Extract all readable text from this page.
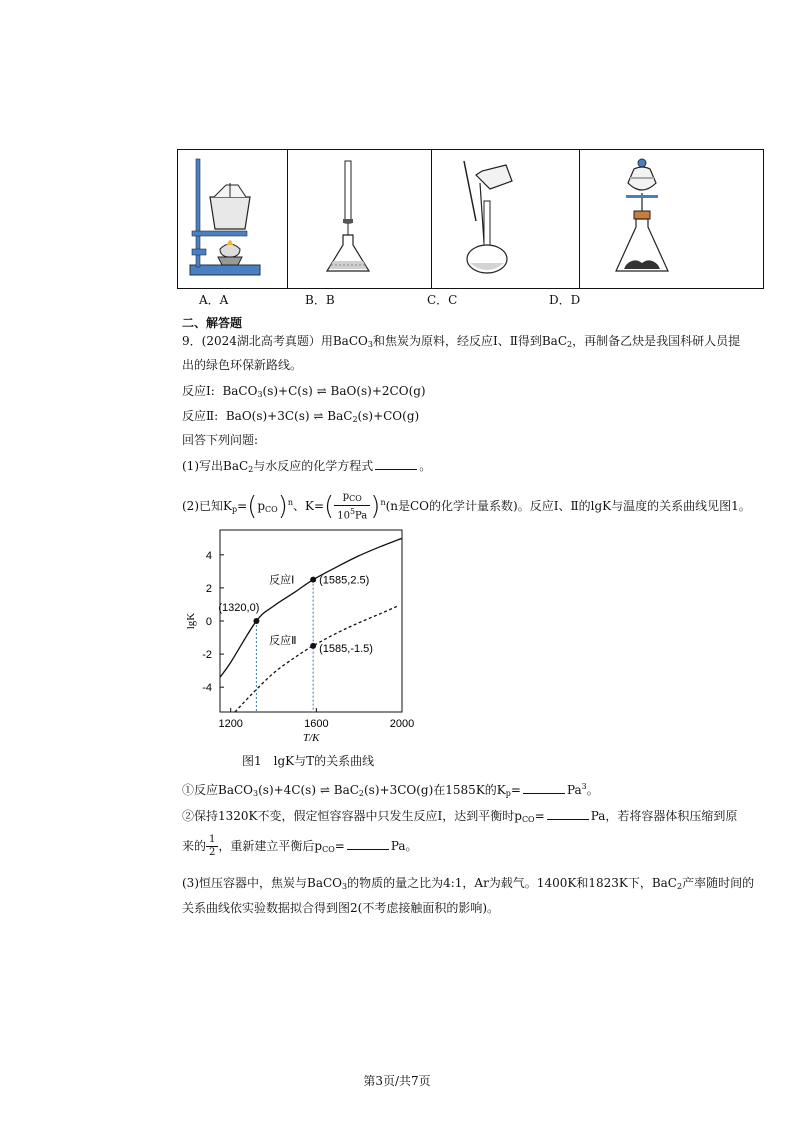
A．A	B．B	C．C	D．D
二、解答题
9．(2024湖北高考真题）用BaCO$_3$和焦炭为原料，经反应Ⅰ、Ⅱ得到BaC$_2$，再制备乙炔是我国科研人员提
出的绿色环保新路线。
反应Ⅰ: BaCO$_3$(s)+C(s) ⇌ BaO(s)+2CO(g)
反应Ⅱ: BaO(s)+3C(s) ⇌ BaC$_2$(s)+CO(g)
回答下列问题:
(1)写出BaC$_2$与水反应的化学方程式	。
(2)已知$K_p=(p_{CO})^n$、$K=( \frac{p_{CO}}{10^5Pa} )^n(n$是CO的化学计量系数)。反应Ⅰ、Ⅱ的lgK与温度的关系曲线见图1。
1200	1600	2000
-4
-2
0
2
4
T/K
lgK
(1320,0)
(1585,2.5)
(1585,-1.5)
反应Ⅰ
反应Ⅱ
图1　lgK与T的关系曲线
①反应BaCO$_3$(s)+4C(s) ⇌ BaC$_2$(s)+3CO(g)在1585K的$K_p=$	$Pa^3$。
②保持1320K不变，假定恒容容器中只发生反应Ⅰ，达到平衡时$p_{CO}=$	Pa，若将容器体积压缩到原
来的 $\frac{1}{2}$ ，重新建立平衡后$p_{CO}=$	Pa。
(3)恒压容器中，焦炭与BaCO$_3$的物质的量之比为4:1，Ar为载气。1400K和1823K下，BaC$_2$产率随时间的
关系曲线依实验数据拟合得到图2(不考虑接触面积的影响)。
第3页/共7页
